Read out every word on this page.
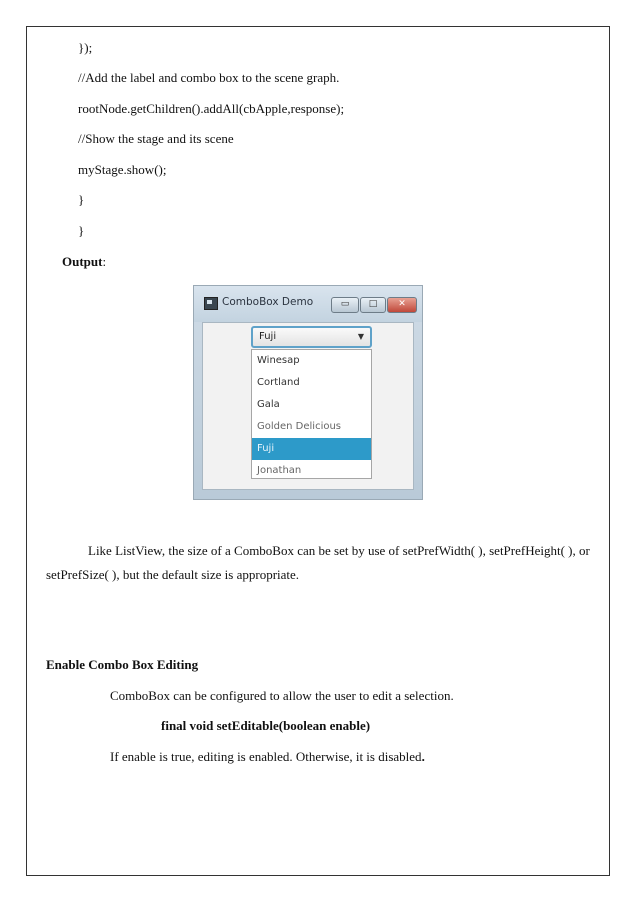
});
//Add the label and combo box to the scene graph.
rootNode.getChildren().addAll(cbApple,response);
//Show the stage and its scene
myStage.show();
}
}
Output:
ComboBox Demo	▭	□	✕
Fuji	▼
Winesap
Cortland
Gala
Golden Delicious
Fuji
Jonathan
Like ListView, the size of a ComboBox can be set by use of setPrefWidth( ), setPrefHeight( ), or
setPrefSize( ), but the default size is appropriate.
Enable Combo Box Editing
ComboBox can be configured to allow the user to edit a selection.
final void setEditable(boolean enable)
If enable is true, editing is enabled. Otherwise, it is disabled.
